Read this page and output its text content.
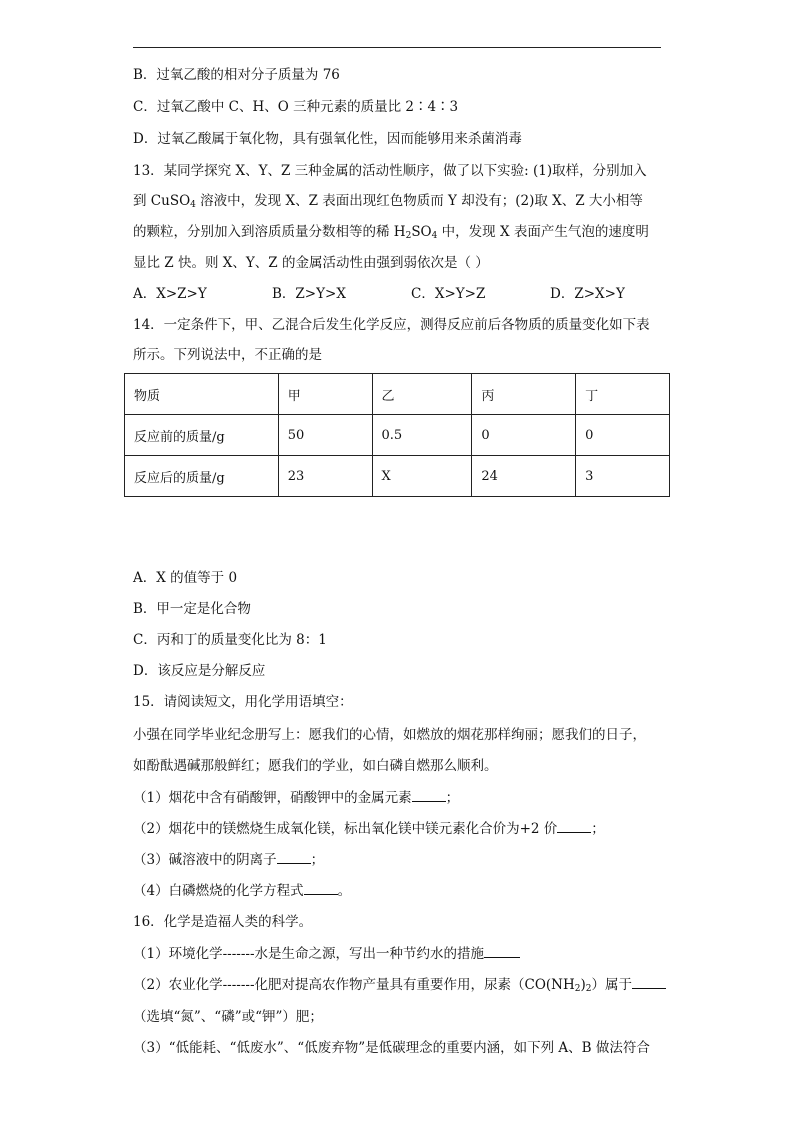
B．过氧乙酸的相对分子质量为 76
C．过氧乙酸中 C、H、O 三种元素的质量比 2∶4∶3
D．过氧乙酸属于氧化物，具有强氧化性，因而能够用来杀菌消毒
13．某同学探究 X、Y、Z 三种金属的活动性顺序，做了以下实验: (1)取样，分别加入
到 CuSO$_4$ 溶液中，发现 X、Z 表面出现红色物质而 Y 却没有；(2)取 X、Z 大小相等
的颗粒，分别加入到溶质质量分数相等的稀 $H_2SO_4$ 中，发现 X 表面产生气泡的速度明
显比 Z 快。则 X、Y、Z 的金属活动性由强到弱依次是（ ）
A．X>Z>Y	B．Z>Y>X	C．X>Y>Z	D．Z>X>Y
14．一定条件下，甲、乙混合后发生化学反应，测得反应前后各物质的质量变化如下表
所示。下列说法中，不正确的是
物质	甲	乙	丙	丁
反应前的质量/g	50	0.5	0	0
反应后的质量/g	23	X	24	3
A．X 的值等于 0
B．甲一定是化合物
C．丙和丁的质量变化比为 8：1
D．该反应是分解反应
15．请阅读短文，用化学用语填空：
小强在同学毕业纪念册写上：愿我们的心情，如燃放的烟花那样绚丽；愿我们的日子，
如酚酞遇碱那般鲜红；愿我们的学业，如白磷自燃那么顺利。
（1）烟花中含有硝酸钾，硝酸钾中的金属元素	；
（2）烟花中的镁燃烧生成氧化镁，标出氧化镁中镁元素化合价为+2 价	；
（3）碱溶液中的阴离子	；
（4）白磷燃烧的化学方程式	。
16．化学是造福人类的科学。
（1）环境化学-------水是生命之源，写出一种节约水的措施
（2）农业化学-------化肥对提高农作物产量具有重要作用，尿素$(CO(NH_2)_2)$属于
（选填“氮”、“磷”或“钾”）肥；
（3）“低能耗、“低废水”、“低废弃物”是低碳理念的重要内涵，如下列 A、B 做法符合
